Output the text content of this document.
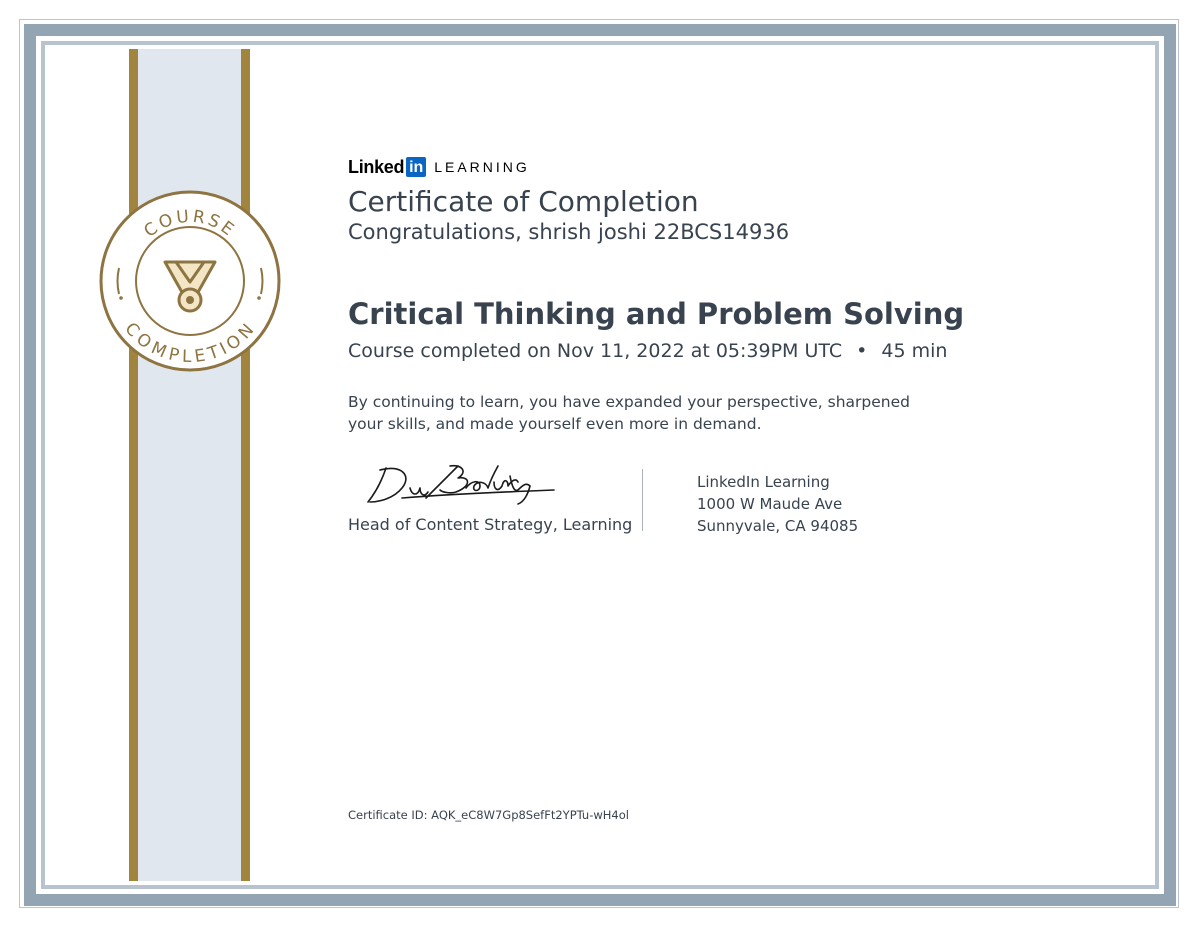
COURSE
COMPLETION
Linked in LEARNING
Certificate of Completion
Congratulations, shrish joshi 22BCS14936
Critical Thinking and Problem Solving
Course completed on Nov 11, 2022 at 05:39PM UTC • 45 min
By continuing to learn, you have expanded your perspective, sharpened your skills, and made yourself even more in demand.
Head of Content Strategy, Learning
LinkedIn Learning
1000 W Maude Ave
Sunnyvale, CA 94085
Certificate ID: AQK_eC8W7Gp8SefFt2YPTu-wH4ol
